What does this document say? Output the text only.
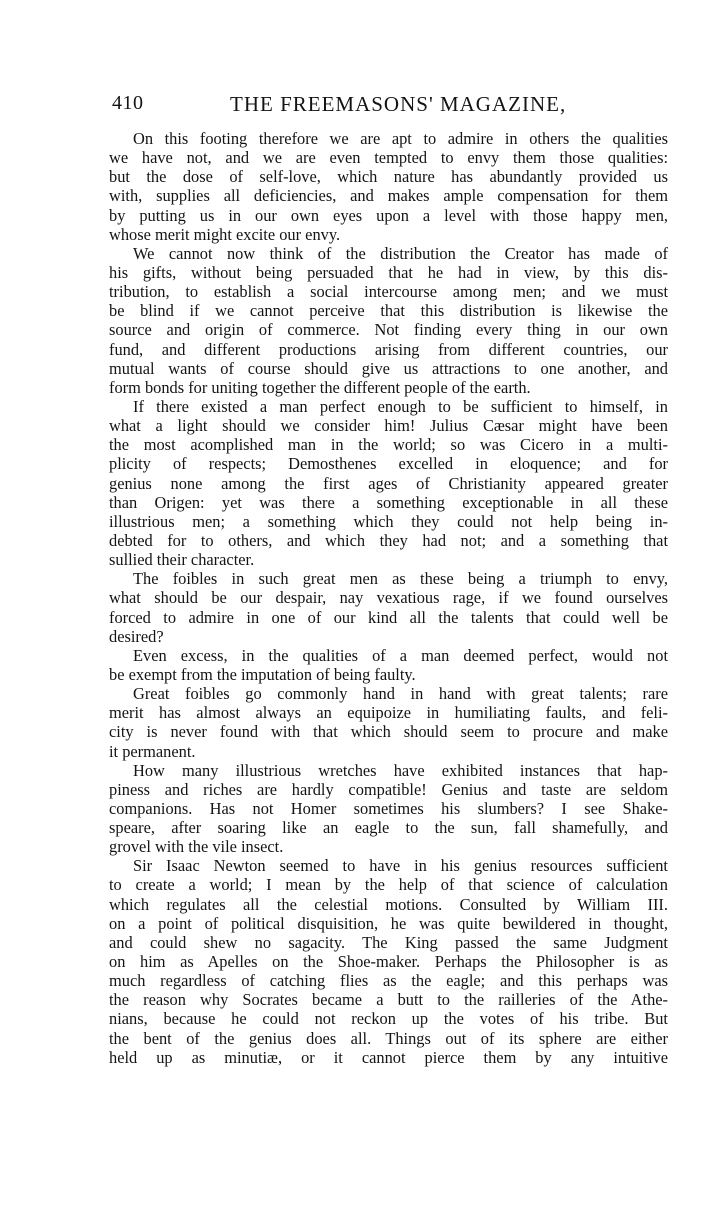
410	THE FREEMASONS' MAGAZINE,
On this footing therefore we are apt to admire in others the qualities
we have not, and we are even tempted to envy them those qualities:
but the dose of self-love, which nature has abundantly provided us
with, supplies all deficiencies, and makes ample compensation for them
by putting us in our own eyes upon a level with those happy men,
whose merit might excite our envy.
We cannot now think of the distribution the Creator has made of
his gifts, without being persuaded that he had in view, by this dis-
tribution, to establish a social intercourse among men; and we must
be blind if we cannot perceive that this distribution is likewise the
source and origin of commerce. Not finding every thing in our own
fund, and different productions arising from different countries, our
mutual wants of course should give us attractions to one another, and
form bonds for uniting together the different people of the earth.
If there existed a man perfect enough to be sufficient to himself, in
what a light should we consider him! Julius Cæsar might have been
the most acomplished man in the world; so was Cicero in a multi-
plicity of respects; Demosthenes excelled in eloquence; and for
genius none among the first ages of Christianity appeared greater
than Origen: yet was there a something exceptionable in all these
illustrious men; a something which they could not help being in-
debted for to others, and which they had not; and a something that
sullied their character.
The foibles in such great men as these being a triumph to envy,
what should be our despair, nay vexatious rage, if we found ourselves
forced to admire in one of our kind all the talents that could well be
desired?
Even excess, in the qualities of a man deemed perfect, would not
be exempt from the imputation of being faulty.
Great foibles go commonly hand in hand with great talents; rare
merit has almost always an equipoize in humiliating faults, and feli-
city is never found with that which should seem to procure and make
it permanent.
How many illustrious wretches have exhibited instances that hap-
piness and riches are hardly compatible! Genius and taste are seldom
companions. Has not Homer sometimes his slumbers? I see Shake-
speare, after soaring like an eagle to the sun, fall shamefully, and
grovel with the vile insect.
Sir Isaac Newton seemed to have in his genius resources sufficient
to create a world; I mean by the help of that science of calculation
which regulates all the celestial motions. Consulted by William III.
on a point of political disquisition, he was quite bewildered in thought,
and could shew no sagacity. The King passed the same Judgment
on him as Apelles on the Shoe-maker. Perhaps the Philosopher is as
much regardless of catching flies as the eagle; and this perhaps was
the reason why Socrates became a butt to the railleries of the Athe-
nians, because he could not reckon up the votes of his tribe. But
the bent of the genius does all. Things out of its sphere are either
held up as minutiæ, or it cannot pierce them by any intuitive
